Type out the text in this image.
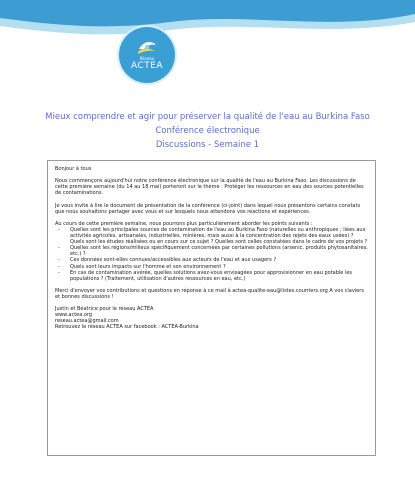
Réseau
ACTEA
Mieux comprendre et agir pour préserver la qualité de l'eau au Burkina Faso
Conférence électronique
Discussions - Semaine 1

Bonjour à tous

Nous commençons aujourd'hui notre conférence électronique sur la qualité de l'eau au Burkina Faso. Les discussions de cette première semaine (du 14 au 18 mai) porteront sur le thème : Protéger les ressources en eau des sources potentielles de contaminations.

Je vous invite à lire le document de présentation de la conférence (ci-joint) dans lequel nous présentons certains constats que nous souhaitons partager avec vous et sur lesquels nous attendons vos réactions et expériences.

Au cours de cette première semaine, nous pourrons plus particulièrement aborder les points suivants :

- Quelles sont les principales sources de contamination de l'eau au Burkina Faso (naturelles ou anthropiques ; liées aux activités agricoles, artisanales, industrielles, minières, mais aussi à la concentration des rejets des eaux usées) ? Quels sont les études réalisées ou en cours sur ce sujet ? Quelles sont celles constatées dans le cadre de vos projets ?
- Quelles sont les régions/milieux spécifiquement concernées par certaines pollutions (arsenic, produits phytosanitaires, etc.) ?
- Ces données sont-elles connues/accessibles aux acteurs de l'eau et aux usagers ?
- Quels sont leurs impacts sur l'homme et son environnement ?
- En cas de contamination avérée, quelles solutions avez-vous envisagées pour approvisionner en eau potable les populations ? (Traitement, utilisation d'autres ressources en eau, etc.)

Merci d'envoyer vos contributions et questions en réponse à ce mail à actea-qualite-eau@listes.courriers.org A vos claviers et bonnes discussions !

Justin et Béatrice pour le réseau ACTEA
www.actea.org
reseau.actea@gmail.com
Retrouvez le réseau ACTEA sur facebook : ACTEA-Burkina
